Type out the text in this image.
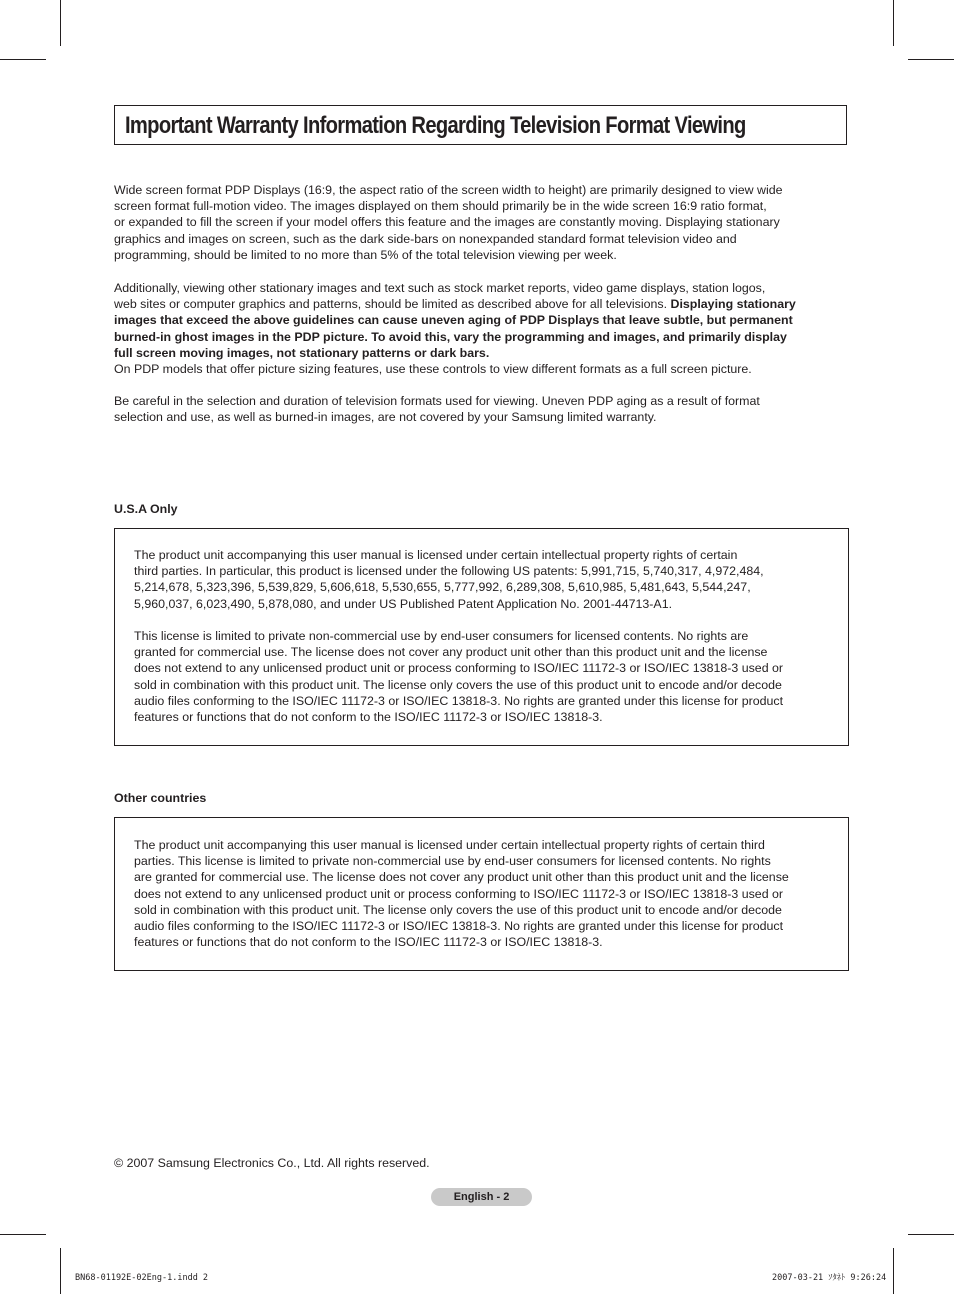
Important Warranty Information Regarding Television Format Viewing

Wide screen format PDP Displays (16:9, the aspect ratio of the screen width to height) are primarily designed to view wide
screen format full-motion video. The images displayed on them should primarily be in the wide screen 16:9 ratio format,
or expanded to fill the screen if your model offers this feature and the images are constantly moving. Displaying stationary
graphics and images on screen, such as the dark side-bars on nonexpanded standard format television video and
programming, should be limited to no more than 5% of the total television viewing per week.

Additionally, viewing other stationary images and text such as stock market reports, video game displays, station logos,
web sites or computer graphics and patterns, should be limited as described above for all televisions. Displaying stationary
images that exceed the above guidelines can cause uneven aging of PDP Displays that leave subtle, but permanent
burned-in ghost images in the PDP picture. To avoid this, vary the programming and images, and primarily display
full screen moving images, not stationary patterns or dark bars.
On PDP models that offer picture sizing features, use these controls to view different formats as a full screen picture.

Be careful in the selection and duration of television formats used for viewing. Uneven PDP aging as a result of format
selection and use, as well as burned-in images, are not covered by your Samsung limited warranty.

U.S.A Only

The product unit accompanying this user manual is licensed under certain intellectual property rights of certain
third parties. In particular, this product is licensed under the following US patents: 5,991,715, 5,740,317, 4,972,484,
5,214,678, 5,323,396, 5,539,829, 5,606,618, 5,530,655, 5,777,992, 6,289,308, 5,610,985, 5,481,643, 5,544,247,
5,960,037, 6,023,490, 5,878,080, and under US Published Patent Application No. 2001-44713-A1.

This license is limited to private non-commercial use by end-user consumers for licensed contents. No rights are
granted for commercial use. The license does not cover any product unit other than this product unit and the license
does not extend to any unlicensed product unit or process conforming to ISO/IEC 11172-3 or ISO/IEC 13818-3 used or
sold in combination with this product unit. The license only covers the use of this product unit to encode and/or decode
audio files conforming to the ISO/IEC 11172-3 or ISO/IEC 13818-3. No rights are granted under this license for product
features or functions that do not conform to the ISO/IEC 11172-3 or ISO/IEC 13818-3.

Other countries

The product unit accompanying this user manual is licensed under certain intellectual property rights of certain third
parties. This license is limited to private non-commercial use by end-user consumers for licensed contents. No rights
are granted for commercial use. The license does not cover any product unit other than this product unit and the license
does not extend to any unlicensed product unit or process conforming to ISO/IEC 11172-3 or ISO/IEC 13818-3 used or
sold in combination with this product unit. The license only covers the use of this product unit to encode and/or decode
audio files conforming to the ISO/IEC 11172-3 or ISO/IEC 13818-3. No rights are granted under this license for product
features or functions that do not conform to the ISO/IEC 11172-3 or ISO/IEC 13818-3.

© 2007 Samsung Electronics Co., Ltd. All rights reserved.

English - 2

BN68-01192E-02Eng-1.indd 2	2007-03-21 ｿﾀﾈﾄ 9:26:24
